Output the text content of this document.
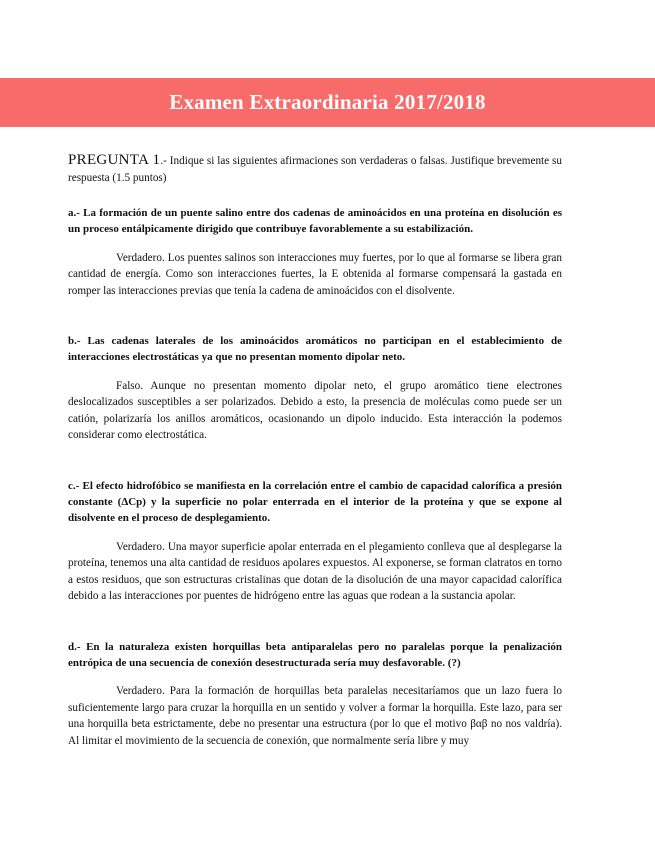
Examen Extraordinaria 2017/2018

PREGUNTA 1.- Indique si las siguientes afirmaciones son verdaderas o falsas. Justifique brevemente su respuesta (1.5 puntos)

a.- La formación de un puente salino entre dos cadenas de aminoácidos en una proteína en disolución es un proceso entálpicamente dirigido que contribuye favorablemente a su estabilización.

Verdadero. Los puentes salinos son interacciones muy fuertes, por lo que al formarse se libera gran cantidad de energía. Como son interacciones fuertes, la E obtenida al formarse compensará la gastada en romper las interacciones previas que tenía la cadena de aminoácidos con el disolvente.

b.- Las cadenas laterales de los aminoácidos aromáticos no participan en el establecimiento de interacciones electrostáticas ya que no presentan momento dipolar neto.

Falso. Aunque no presentan momento dipolar neto, el grupo aromático tiene electrones deslocalizados susceptibles a ser polarizados. Debido a esto, la presencia de moléculas como puede ser un catión, polarizaría los anillos aromáticos, ocasionando un dipolo inducido. Esta interacción la podemos considerar como electrostática.

c.- El efecto hidrofóbico se manifiesta en la correlación entre el cambio de capacidad calorífica a presión constante (ΔCp) y la superficie no polar enterrada en el interior de la proteína y que se expone al disolvente en el proceso de desplegamiento.

Verdadero. Una mayor superficie apolar enterrada en el plegamiento conlleva que al desplegarse la proteína, tenemos una alta cantidad de residuos apolares expuestos. Al exponerse, se forman clatratos en torno a estos residuos, que son estructuras cristalinas que dotan de la disolución de una mayor capacidad calorífica debido a las interacciones por puentes de hidrógeno entre las aguas que rodean a la sustancia apolar.

d.- En la naturaleza existen horquillas beta antiparalelas pero no paralelas porque la penalización entrópica de una secuencia de conexión desestructurada sería muy desfavorable. (?)

Verdadero. Para la formación de horquillas beta paralelas necesitaríamos que un lazo fuera lo suficientemente largo para cruzar la horquilla en un sentido y volver a formar la horquilla. Este lazo, para ser una horquilla beta estrictamente, debe no presentar una estructura (por lo que el motivo βαβ no nos valdría). Al limitar el movimiento de la secuencia de conexión, que normalmente sería libre y muy
